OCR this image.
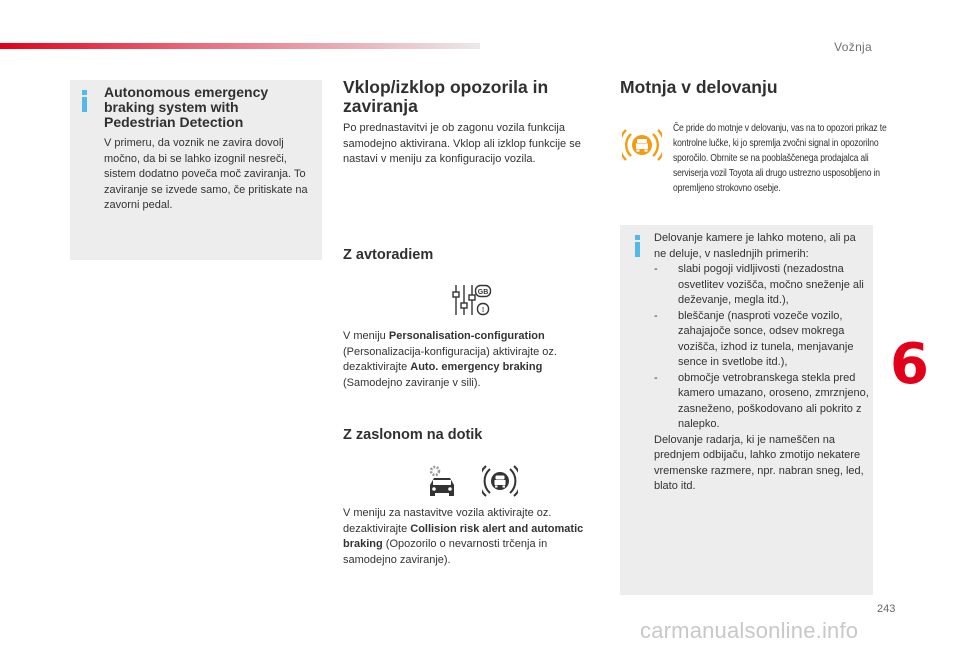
Vožnja
6
243
carmanualsonline.info
Autonomous emergency braking system with Pedestrian Detection
V primeru, da voznik ne zavira dovolj močno, da bi se lahko izognil nesreči, sistem dodatno poveča moč zaviranja. To zaviranje se izvede samo, če pritiskate na zavorni pedal.
Vklop/izklop opozorila in zaviranja
Po prednastavitvi je ob zagonu vozila funkcija samodejno aktivirana. Vklop ali izklop funkcije se nastavi v meniju za konfiguracijo vozila.
Z avtoradiem
GB
I
V meniju Personalisation-configuration (Personalizacija-konfiguracija) aktivirajte oz. dezaktivirajte Auto. emergency braking (Samodejno zaviranje v sili).
Z zaslonom na dotik
V meniju za nastavitve vozila aktivirajte oz. dezaktivirajte Collision risk alert and automatic braking (Opozorilo o nevarnosti trčenja in samodejno zaviranje).
Motnja v delovanju
Če pride do motnje v delovanju, vas na to opozori prikaz te kontrolne lučke, ki jo spremlja zvočni signal in opozorilno sporočilo. Obrnite se na pooblaščenega prodajalca ali serviserja vozil Toyota ali drugo ustrezno usposobljeno in opremljeno strokovno osebje.
Delovanje kamere je lahko moteno, ali pa ne deluje, v naslednjih primerih:
-	slabi pogoji vidljivosti (nezadostna osvetlitev vozišča, močno sneženje ali deževanje, megla itd.),
-	bleščanje (nasproti vozeče vozilo, zahajajoče sonce, odsev mokrega vozišča, izhod iz tunela, menjavanje sence in svetlobe itd.),
-	območje vetrobranskega stekla pred kamero umazano, oroseno, zmrznjeno, zasneženo, poškodovano ali pokrito z nalepko.
Delovanje radarja, ki je nameščen na prednjem odbijaču, lahko zmotijo nekatere vremenske razmere, npr. nabran sneg, led, blato itd.
